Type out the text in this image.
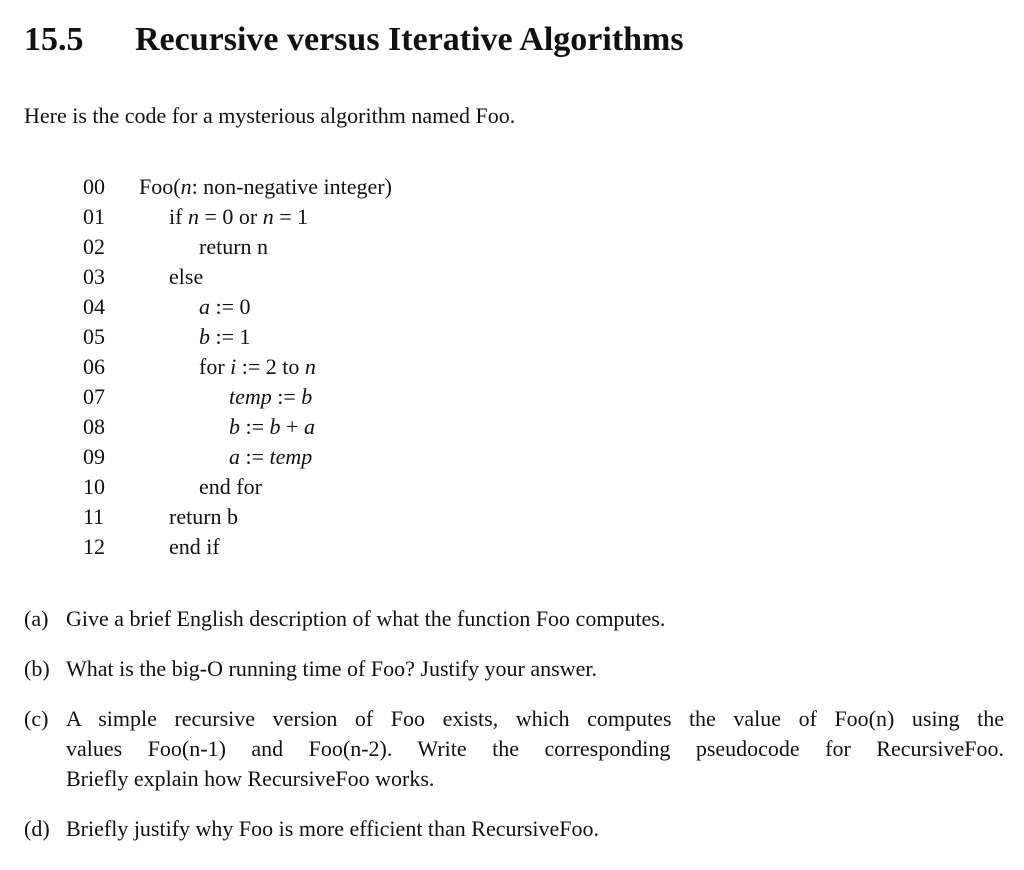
15.5 Recursive versus Iterative Algorithms

Here is the code for a mysterious algorithm named Foo.

00	Foo(n: non-negative integer)
01	if n = 0 or n = 1
02	return n
03	else
04	a := 0
05	b := 1
06	for i := 2 to n
07	temp := b
08	b := b + a
09	a := temp
10	end for
11	return b
12	end if
(a) Give a brief English description of what the function Foo computes.
(b) What is the big-O running time of Foo? Justify your answer.
(c) A simple recursive version of Foo exists, which computes the value of Foo(n) using the
values Foo(n-1) and Foo(n-2). Write the corresponding pseudocode for RecursiveFoo.
Briefly explain how RecursiveFoo works.
(d) Briefly justify why Foo is more efficient than RecursiveFoo.
